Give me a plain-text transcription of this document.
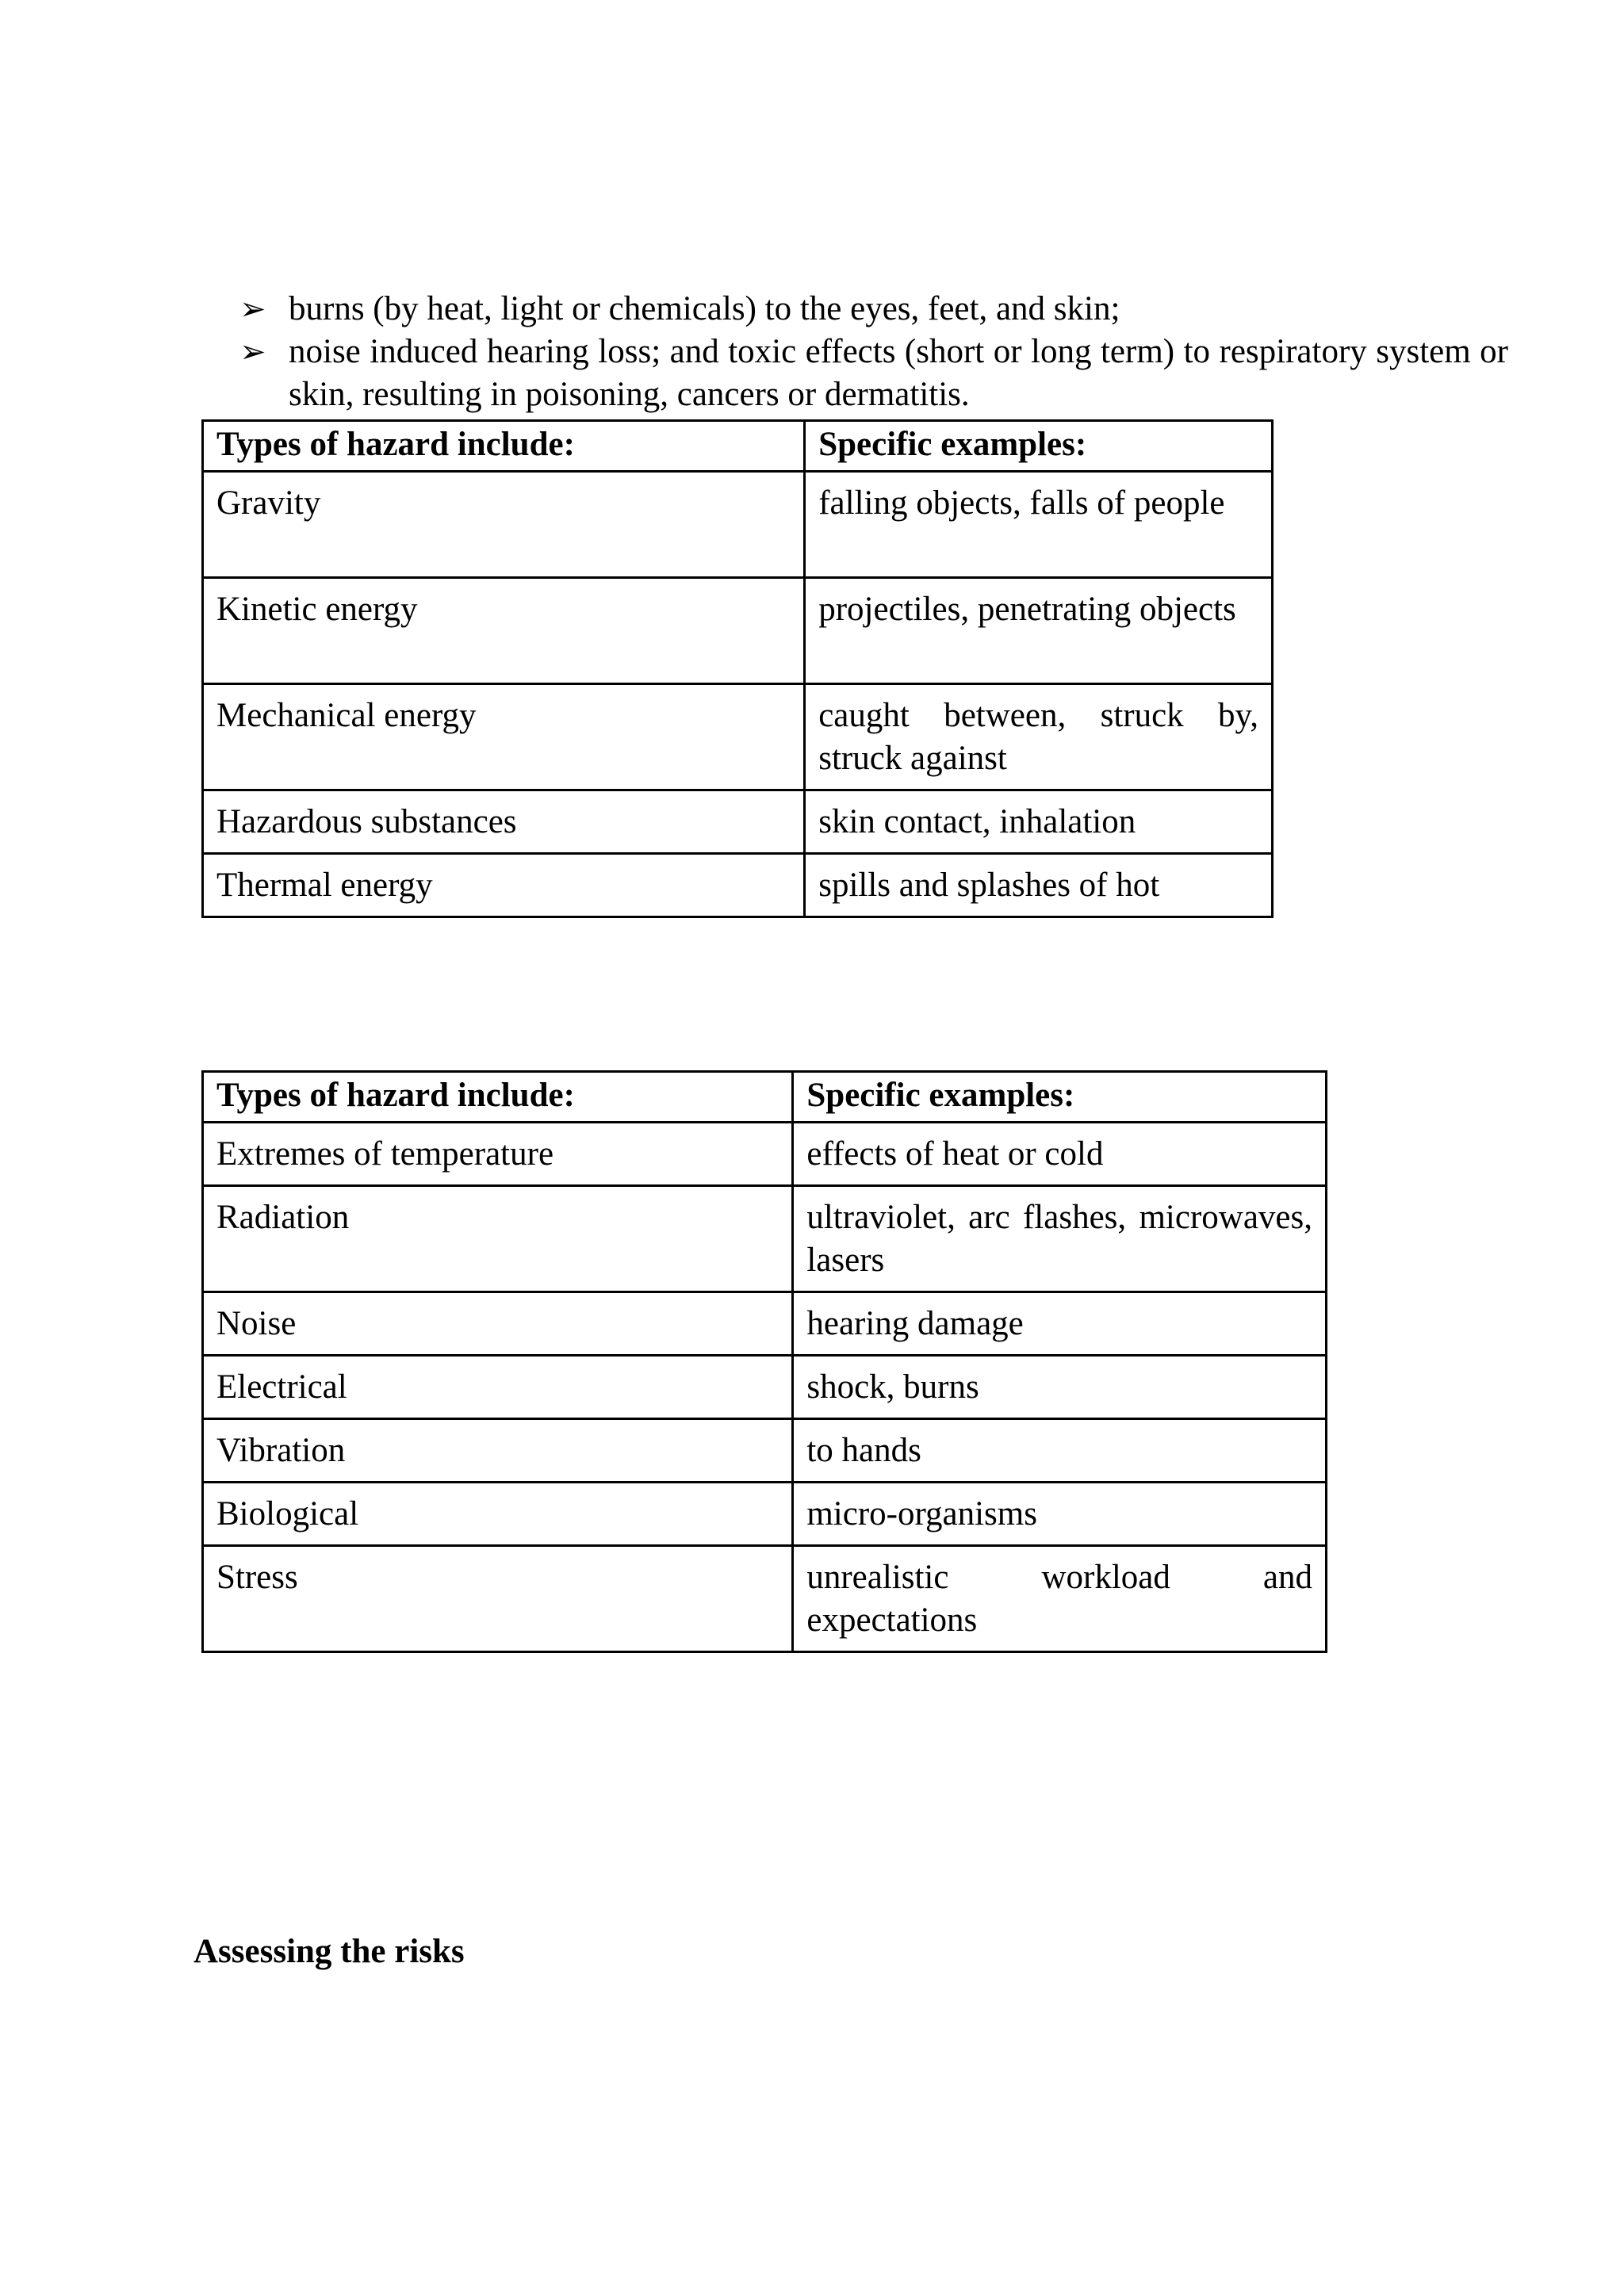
➢ burns (by heat, light or chemicals) to the eyes, feet, and skin;
➢ noise induced hearing loss; and toxic effects (short or long term) to respiratory system or skin, resulting in poisoning, cancers or dermatitis.
Types of hazard include:	Specific examples:
Gravity	falling objects, falls of people
Kinetic energy	projectiles, penetrating objects
Mechanical energy	caught between, struck by, struck against
Hazardous substances	skin contact, inhalation
Thermal energy	spills and splashes of hot
Types of hazard include:	Specific examples:
Extremes of temperature	effects of heat or cold
Radiation	ultraviolet, arc flashes, microwaves, lasers
Noise	hearing damage
Electrical	shock, burns
Vibration	to hands
Biological	micro-organisms
Stress	unrealistic workload and expectations
Assessing the risks
